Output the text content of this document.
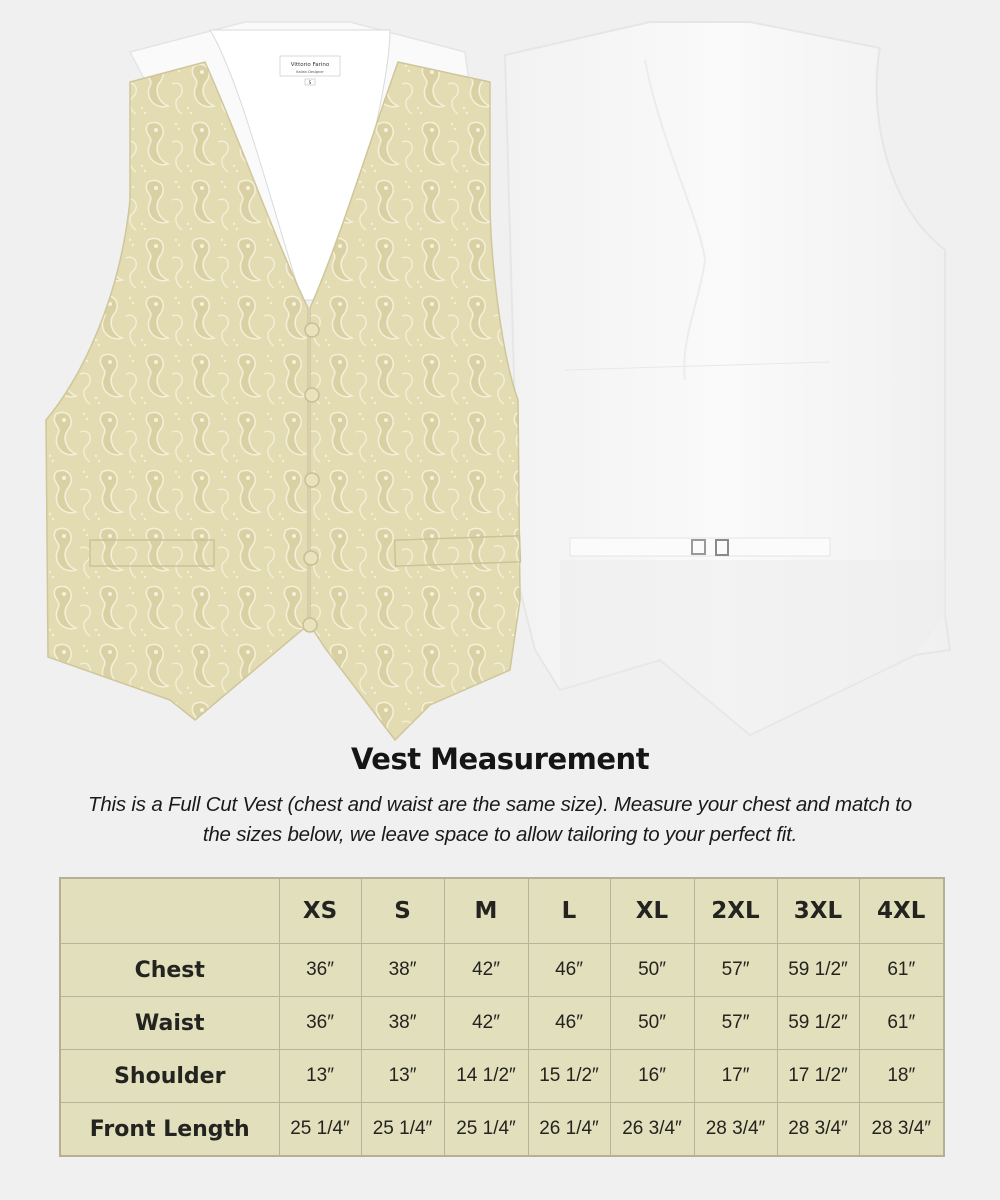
Vittorio Farino
Italian Designer
S
Vest Measurement
This is a Full Cut Vest (chest and waist are the same size). Measure your chest and match to the sizes below, we leave space to allow tailoring to your perfect fit.
	XS	S	M	L	XL	2XL	3XL	4XL
Chest	36″	38″	42″	46″	50″	57″	59 1/2″	61″
Waist	36″	38″	42″	46″	50″	57″	59 1/2″	61″
Shoulder	13″	13″	14 1/2″	15 1/2″	16″	17″	17 1/2″	18″
Front Length	25 1/4″	25 1/4″	25 1/4″	26 1/4″	26 3/4″	28 3/4″	28 3/4″	28 3/4″
